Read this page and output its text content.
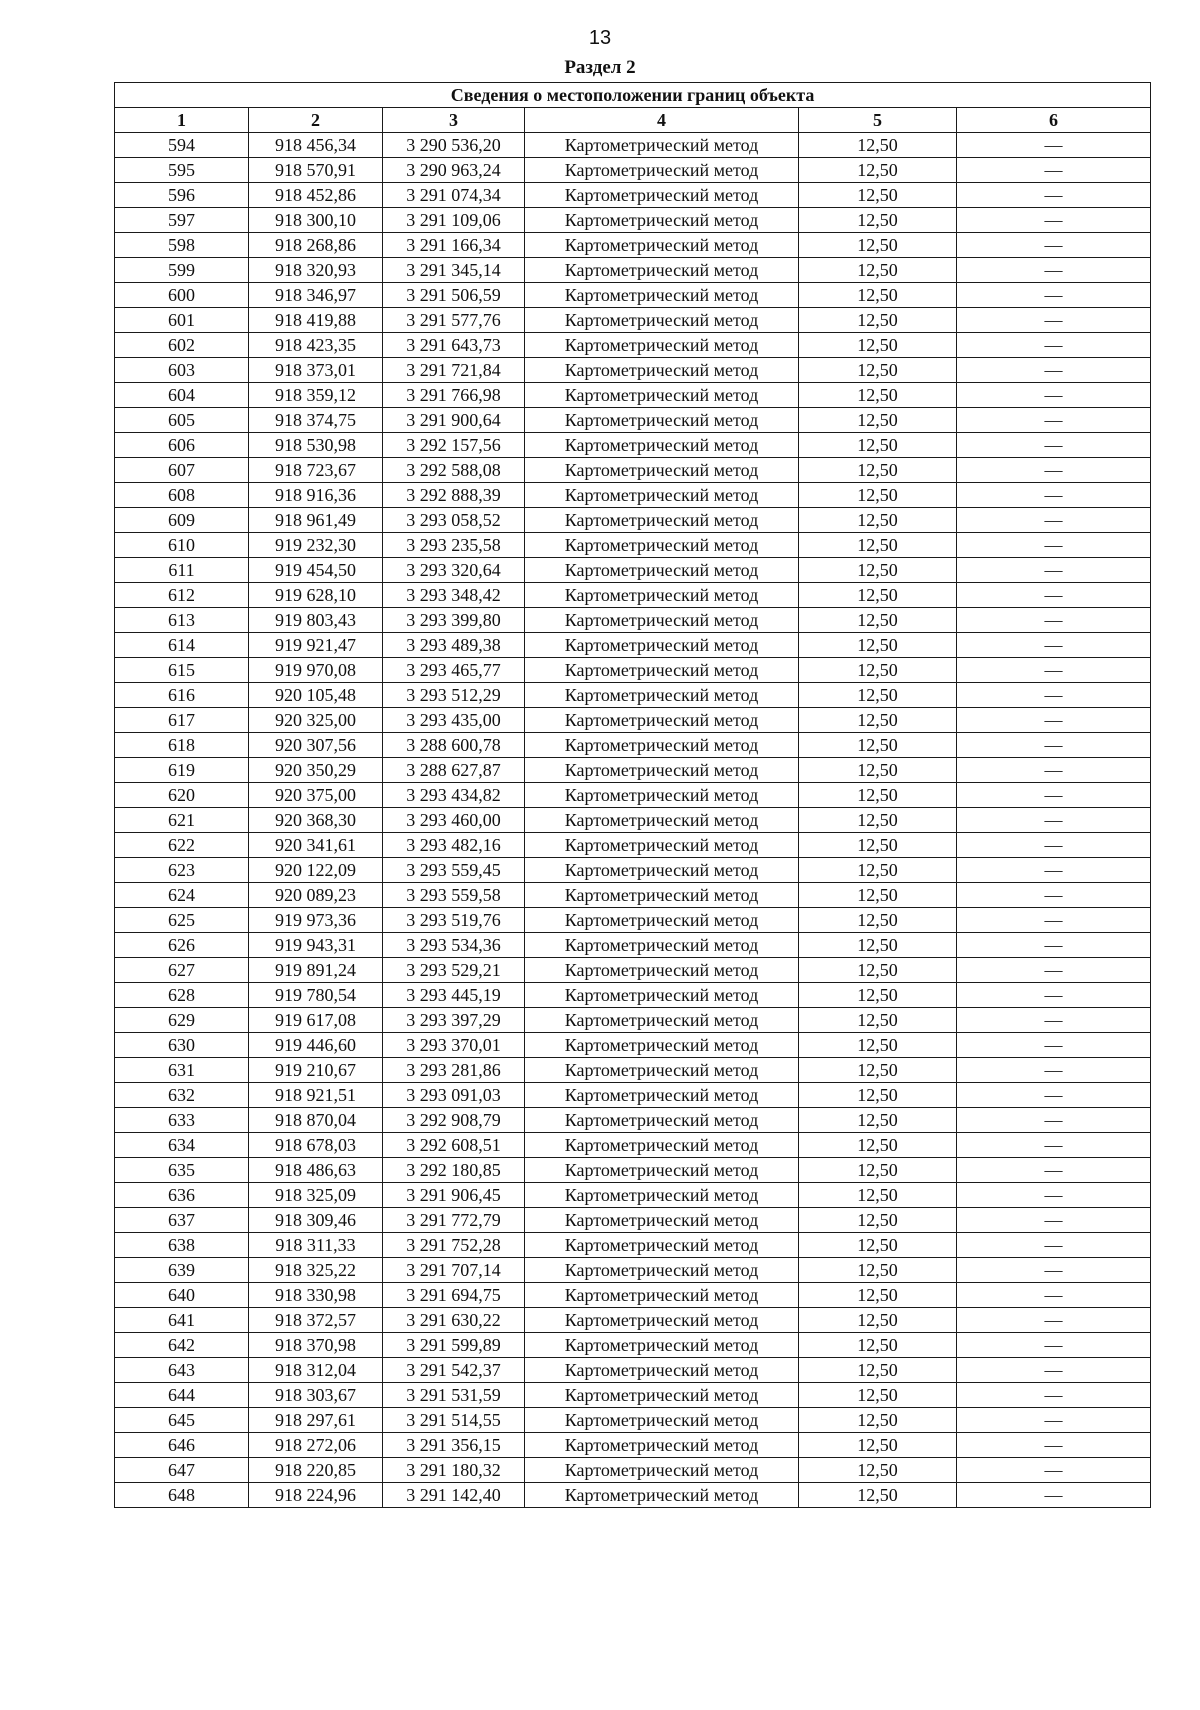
13
Раздел 2
Сведения о местоположении границ объекта					
1	2	3	4	5	6
594	918 456,34	3 290 536,20	Картометрический метод	12,50	—
595	918 570,91	3 290 963,24	Картометрический метод	12,50	—
596	918 452,86	3 291 074,34	Картометрический метод	12,50	—
597	918 300,10	3 291 109,06	Картометрический метод	12,50	—
598	918 268,86	3 291 166,34	Картометрический метод	12,50	—
599	918 320,93	3 291 345,14	Картометрический метод	12,50	—
600	918 346,97	3 291 506,59	Картометрический метод	12,50	—
601	918 419,88	3 291 577,76	Картометрический метод	12,50	—
602	918 423,35	3 291 643,73	Картометрический метод	12,50	—
603	918 373,01	3 291 721,84	Картометрический метод	12,50	—
604	918 359,12	3 291 766,98	Картометрический метод	12,50	—
605	918 374,75	3 291 900,64	Картометрический метод	12,50	—
606	918 530,98	3 292 157,56	Картометрический метод	12,50	—
607	918 723,67	3 292 588,08	Картометрический метод	12,50	—
608	918 916,36	3 292 888,39	Картометрический метод	12,50	—
609	918 961,49	3 293 058,52	Картометрический метод	12,50	—
610	919 232,30	3 293 235,58	Картометрический метод	12,50	—
611	919 454,50	3 293 320,64	Картометрический метод	12,50	—
612	919 628,10	3 293 348,42	Картометрический метод	12,50	—
613	919 803,43	3 293 399,80	Картометрический метод	12,50	—
614	919 921,47	3 293 489,38	Картометрический метод	12,50	—
615	919 970,08	3 293 465,77	Картометрический метод	12,50	—
616	920 105,48	3 293 512,29	Картометрический метод	12,50	—
617	920 325,00	3 293 435,00	Картометрический метод	12,50	—
618	920 307,56	3 288 600,78	Картометрический метод	12,50	—
619	920 350,29	3 288 627,87	Картометрический метод	12,50	—
620	920 375,00	3 293 434,82	Картометрический метод	12,50	—
621	920 368,30	3 293 460,00	Картометрический метод	12,50	—
622	920 341,61	3 293 482,16	Картометрический метод	12,50	—
623	920 122,09	3 293 559,45	Картометрический метод	12,50	—
624	920 089,23	3 293 559,58	Картометрический метод	12,50	—
625	919 973,36	3 293 519,76	Картометрический метод	12,50	—
626	919 943,31	3 293 534,36	Картометрический метод	12,50	—
627	919 891,24	3 293 529,21	Картометрический метод	12,50	—
628	919 780,54	3 293 445,19	Картометрический метод	12,50	—
629	919 617,08	3 293 397,29	Картометрический метод	12,50	—
630	919 446,60	3 293 370,01	Картометрический метод	12,50	—
631	919 210,67	3 293 281,86	Картометрический метод	12,50	—
632	918 921,51	3 293 091,03	Картометрический метод	12,50	—
633	918 870,04	3 292 908,79	Картометрический метод	12,50	—
634	918 678,03	3 292 608,51	Картометрический метод	12,50	—
635	918 486,63	3 292 180,85	Картометрический метод	12,50	—
636	918 325,09	3 291 906,45	Картометрический метод	12,50	—
637	918 309,46	3 291 772,79	Картометрический метод	12,50	—
638	918 311,33	3 291 752,28	Картометрический метод	12,50	—
639	918 325,22	3 291 707,14	Картометрический метод	12,50	—
640	918 330,98	3 291 694,75	Картометрический метод	12,50	—
641	918 372,57	3 291 630,22	Картометрический метод	12,50	—
642	918 370,98	3 291 599,89	Картометрический метод	12,50	—
643	918 312,04	3 291 542,37	Картометрический метод	12,50	—
644	918 303,67	3 291 531,59	Картометрический метод	12,50	—
645	918 297,61	3 291 514,55	Картометрический метод	12,50	—
646	918 272,06	3 291 356,15	Картометрический метод	12,50	—
647	918 220,85	3 291 180,32	Картометрический метод	12,50	—
648	918 224,96	3 291 142,40	Картометрический метод	12,50	—
